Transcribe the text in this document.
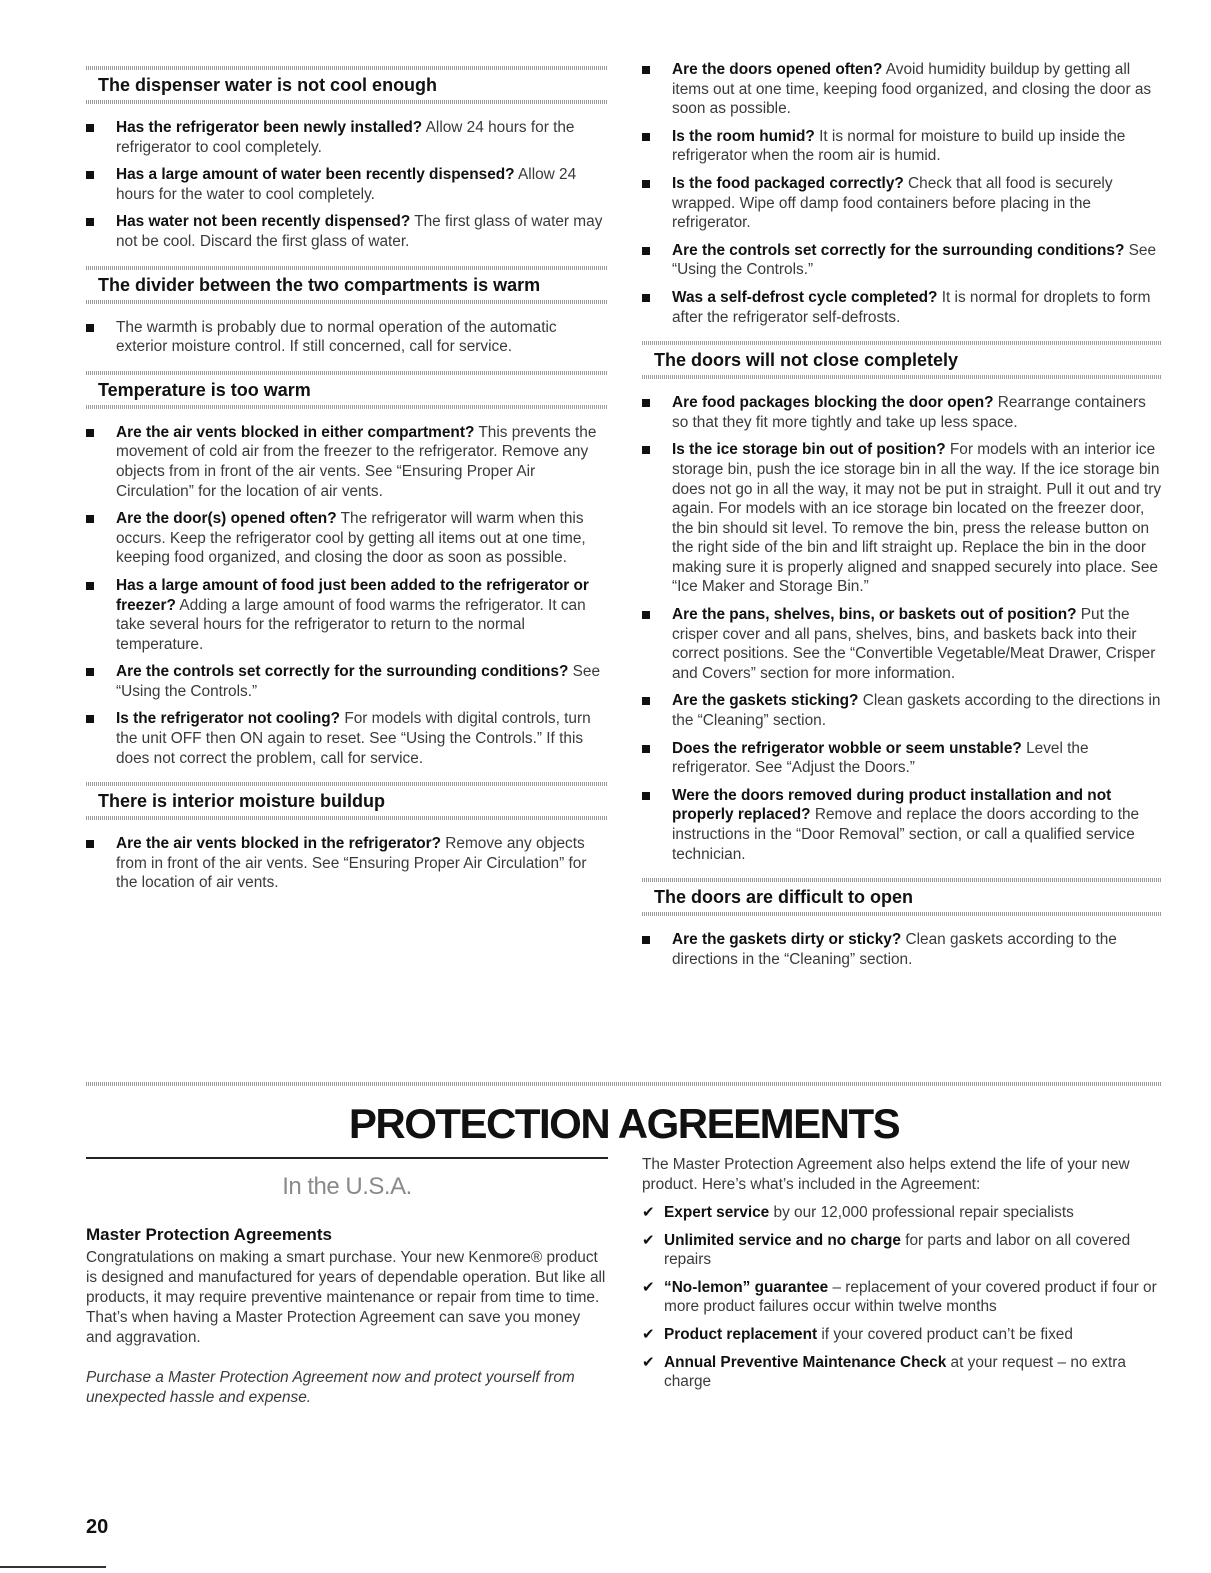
The dispenser water is not cool enough
Has the refrigerator been newly installed? Allow 24 hours for the refrigerator to cool completely.
Has a large amount of water been recently dispensed? Allow 24 hours for the water to cool completely.
Has water not been recently dispensed? The first glass of water may not be cool. Discard the first glass of water.
The divider between the two compartments is warm
The warmth is probably due to normal operation of the automatic exterior moisture control. If still concerned, call for service.
Temperature is too warm
Are the air vents blocked in either compartment? This prevents the movement of cold air from the freezer to the refrigerator. Remove any objects from in front of the air vents. See “Ensuring Proper Air Circulation” for the location of air vents.
Are the door(s) opened often? The refrigerator will warm when this occurs. Keep the refrigerator cool by getting all items out at one time, keeping food organized, and closing the door as soon as possible.
Has a large amount of food just been added to the refrigerator or freezer? Adding a large amount of food warms the refrigerator. It can take several hours for the refrigerator to return to the normal temperature.
Are the controls set correctly for the surrounding conditions? See “Using the Controls.”
Is the refrigerator not cooling? For models with digital controls, turn the unit OFF then ON again to reset. See “Using the Controls.” If this does not correct the problem, call for service.
There is interior moisture buildup
Are the air vents blocked in the refrigerator? Remove any objects from in front of the air vents. See “Ensuring Proper Air Circulation” for the location of air vents.
Are the doors opened often? Avoid humidity buildup by getting all items out at one time, keeping food organized, and closing the door as soon as possible.
Is the room humid? It is normal for moisture to build up inside the refrigerator when the room air is humid.
Is the food packaged correctly? Check that all food is securely wrapped. Wipe off damp food containers before placing in the refrigerator.
Are the controls set correctly for the surrounding conditions? See “Using the Controls.”
Was a self-defrost cycle completed? It is normal for droplets to form after the refrigerator self-defrosts.
The doors will not close completely
Are food packages blocking the door open? Rearrange containers so that they fit more tightly and take up less space.
Is the ice storage bin out of position? For models with an interior ice storage bin, push the ice storage bin in all the way. If the ice storage bin does not go in all the way, it may not be put in straight. Pull it out and try again. For models with an ice storage bin located on the freezer door, the bin should sit level. To remove the bin, press the release button on the right side of the bin and lift straight up. Replace the bin in the door making sure it is properly aligned and snapped securely into place. See “Ice Maker and Storage Bin.”
Are the pans, shelves, bins, or baskets out of position? Put the crisper cover and all pans, shelves, bins, and baskets back into their correct positions. See the “Convertible Vegetable/Meat Drawer, Crisper and Covers” section for more information.
Are the gaskets sticking? Clean gaskets according to the directions in the “Cleaning” section.
Does the refrigerator wobble or seem unstable? Level the refrigerator. See “Adjust the Doors.”
Were the doors removed during product installation and not properly replaced? Remove and replace the doors according to the instructions in the “Door Removal” section, or call a qualified service technician.
The doors are difficult to open
Are the gaskets dirty or sticky? Clean gaskets according to the directions in the “Cleaning” section.
PROTECTION AGREEMENTS
In the U.S.A.
Master Protection Agreements

Congratulations on making a smart purchase. Your new Kenmore® product is designed and manufactured for years of dependable operation. But like all products, it may require preventive maintenance or repair from time to time. That’s when having a Master Protection Agreement can save you money and aggravation.

Purchase a Master Protection Agreement now and protect yourself from unexpected hassle and expense.

The Master Protection Agreement also helps extend the life of your new product. Here’s what’s included in the Agreement:

✔ Expert service by our 12,000 professional repair specialists
✔ Unlimited service and no charge for parts and labor on all covered repairs
✔ “No-lemon” guarantee – replacement of your covered product if four or more product failures occur within twelve months
✔ Product replacement if your covered product can’t be fixed
✔ Annual Preventive Maintenance Check at your request – no extra charge

20
